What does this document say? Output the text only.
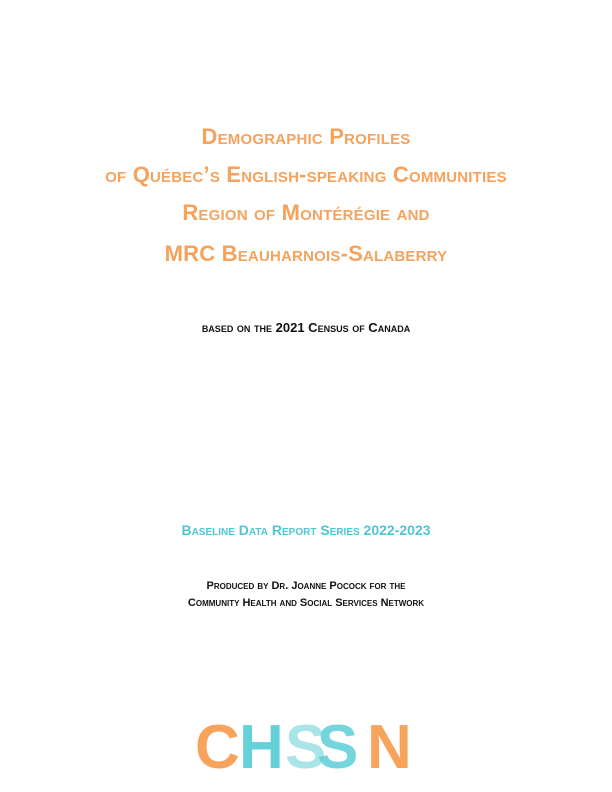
Demographic Profiles
of Québec’s English-speaking Communities
Region of Montérégie and
MRC Beauharnois-Salaberry
based on the 2021 Census of Canada
Baseline Data Report Series 2022-2023
Produced by Dr. Joanne Pocock for the
Community Health and Social Services Network
C H S
S N
